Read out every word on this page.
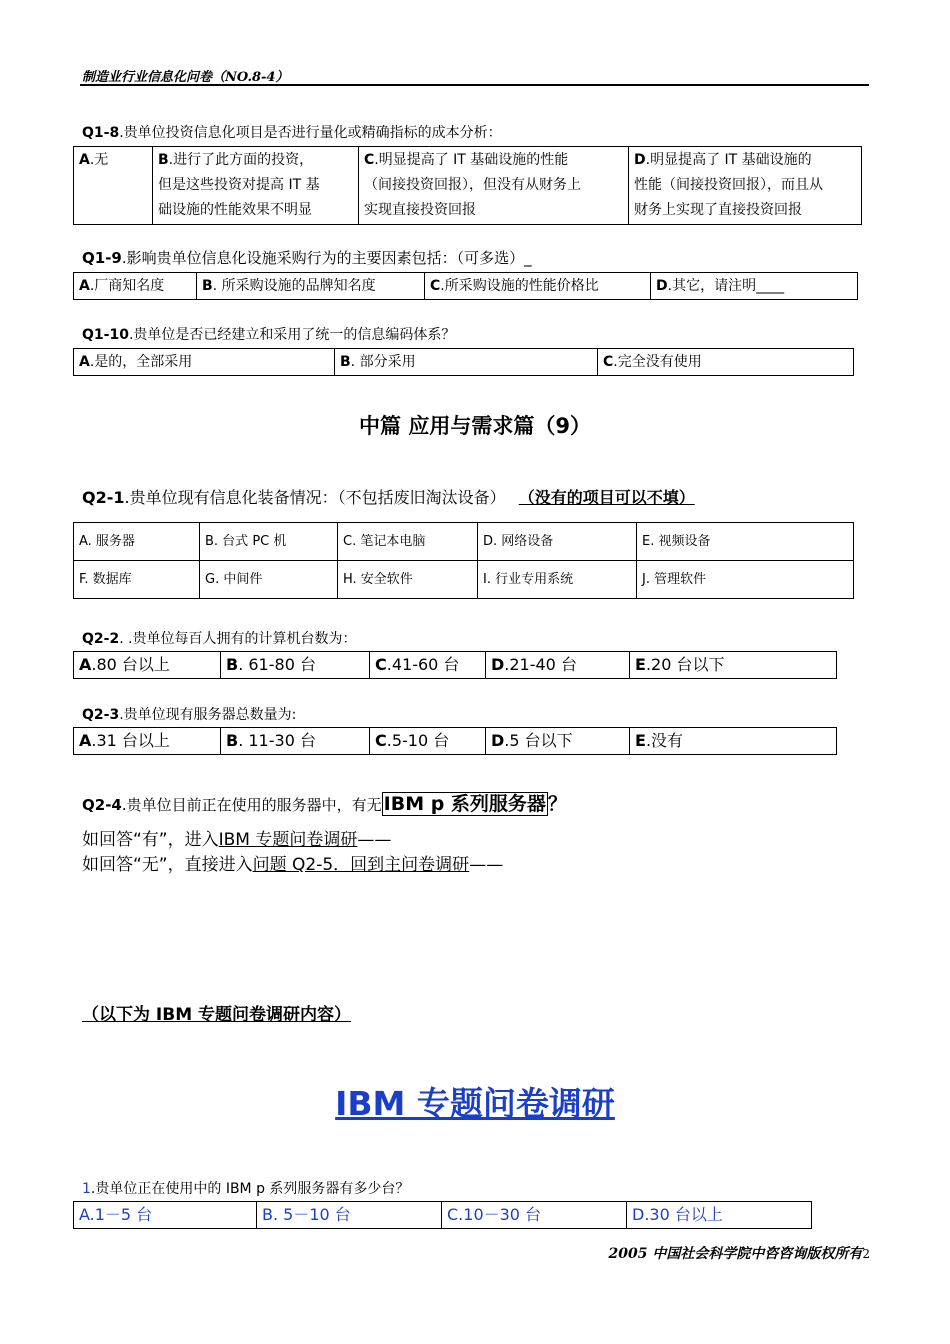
制造业行业信息化问卷（NO.8-4）
Q1-8.贵单位投资信息化项目是否进行量化或精确指标的成本分析：
A.无	B.进行了此方面的投资，
但是这些投资对提高 IT 基
础设施的性能效果不明显	C.明显提高了 IT 基础设施的性能
（间接投资回报），但没有从财务上
实现直接投资回报	D.明显提高了 IT 基础设施的
性能（间接投资回报），而且从
财务上实现了直接投资回报
Q1-9.影响贵单位信息化设施采购行为的主要因素包括：（可多选）_
A.厂商知名度	B. 所采购设施的品牌知名度	C.所采购设施的性能价格比	D.其它，请注明____
Q1-10.贵单位是否已经建立和采用了统一的信息编码体系？
A.是的，全部采用	B. 部分采用	C.完全没有使用
中篇 应用与需求篇（9）
Q2-1.贵单位现有信息化装备情况：（不包括废旧淘汰设备） （没有的项目可以不填）
A. 服务器	B. 台式 PC 机	C. 笔记本电脑	D. 网络设备	E. 视频设备
F. 数据库	G. 中间件	H. 安全软件	I. 行业专用系统	J. 管理软件
Q2-2. .贵单位每百人拥有的计算机台数为：
A.80 台以上	B. 61-80 台	C.41-60 台	D.21-40 台	E.20 台以下
Q2-3.贵单位现有服务器总数量为:
A.31 台以上	B. 11-30 台	C.5-10 台	D.5 台以下	E.没有
Q2-4.贵单位目前正在使用的服务器中，有无 IBM p 系列服务器 ？
如回答“有”，进入IBM 专题问卷调研——
如回答“无”，直接进入问题 Q2-5．回到主问卷调研——
（以下为 IBM 专题问卷调研内容）
IBM 专题问卷调研
1.贵单位正在使用中的 IBM p 系列服务器有多少台？
A.1－5 台	B. 5－10 台	C.10－30 台	D.30 台以上
2005 中国社会科学院中咨咨询版权所有2
